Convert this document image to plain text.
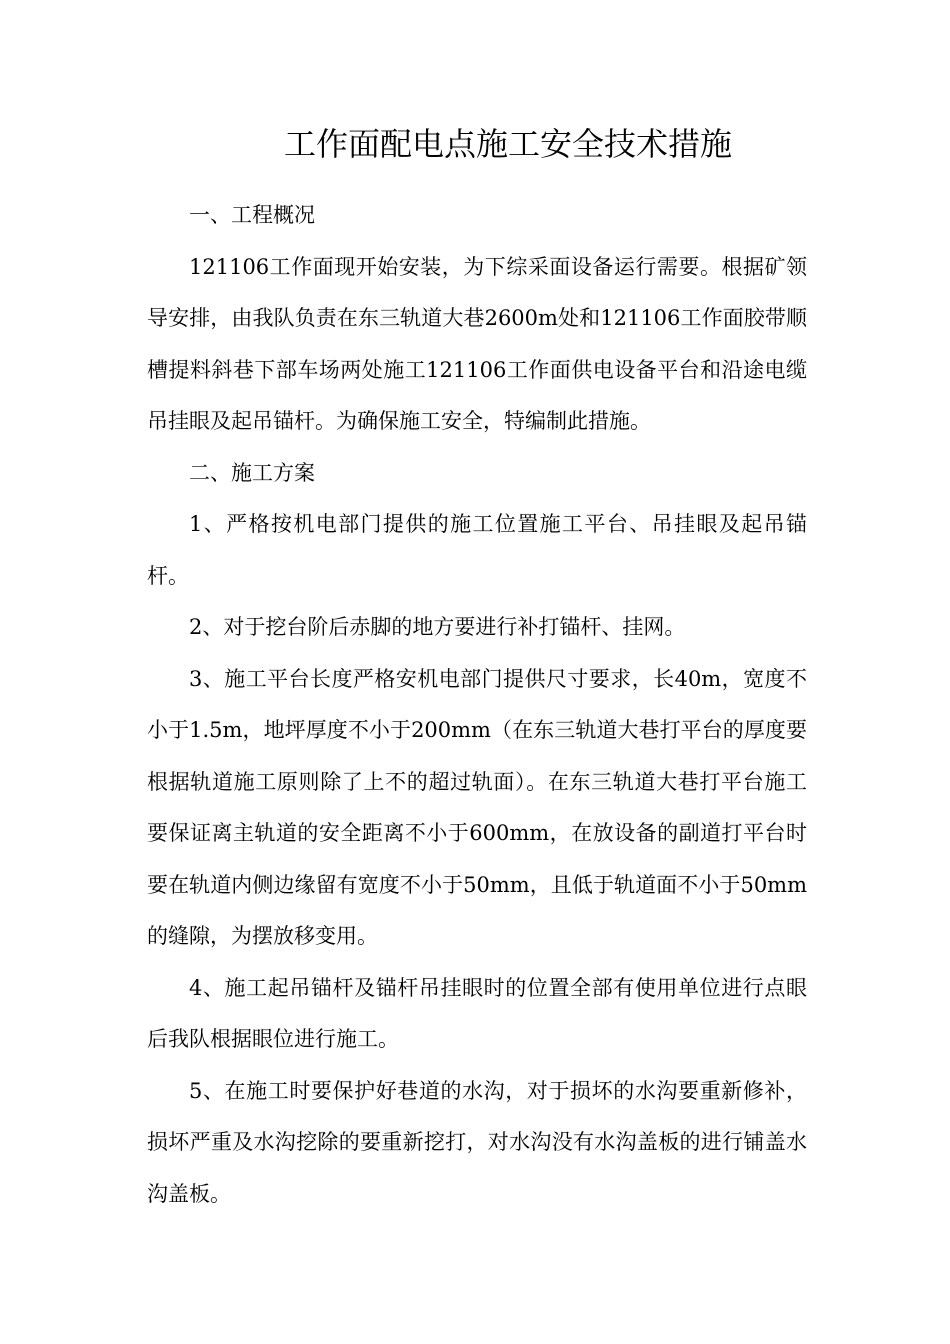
工作面配电点施工安全技术措施

一、工程概况

121106工作面现开始安装，为下综采面设备运行需要。根据矿领导安排，由我队负责在东三轨道大巷2600m处和121106工作面胶带顺槽提料斜巷下部车场两处施工121106工作面供电设备平台和沿途电缆吊挂眼及起吊锚杆。为确保施工安全，特编制此措施。

二、施工方案

1、严格按机电部门提供的施工位置施工平台、吊挂眼及起吊锚杆。

2、对于挖台阶后赤脚的地方要进行补打锚杆、挂网。

3、施工平台长度严格安机电部门提供尺寸要求，长40m，宽度不小于1.5m，地坪厚度不小于200mm（在东三轨道大巷打平台的厚度要根据轨道施工原则除了上不的超过轨面）。在东三轨道大巷打平台施工要保证离主轨道的安全距离不小于600mm，在放设备的副道打平台时要在轨道内侧边缘留有宽度不小于50mm，且低于轨道面不小于50mm的缝隙，为摆放移变用。

4、施工起吊锚杆及锚杆吊挂眼时的位置全部有使用单位进行点眼后我队根据眼位进行施工。

5、在施工时要保护好巷道的水沟，对于损坏的水沟要重新修补，损坏严重及水沟挖除的要重新挖打，对水沟没有水沟盖板的进行铺盖水沟盖板。
